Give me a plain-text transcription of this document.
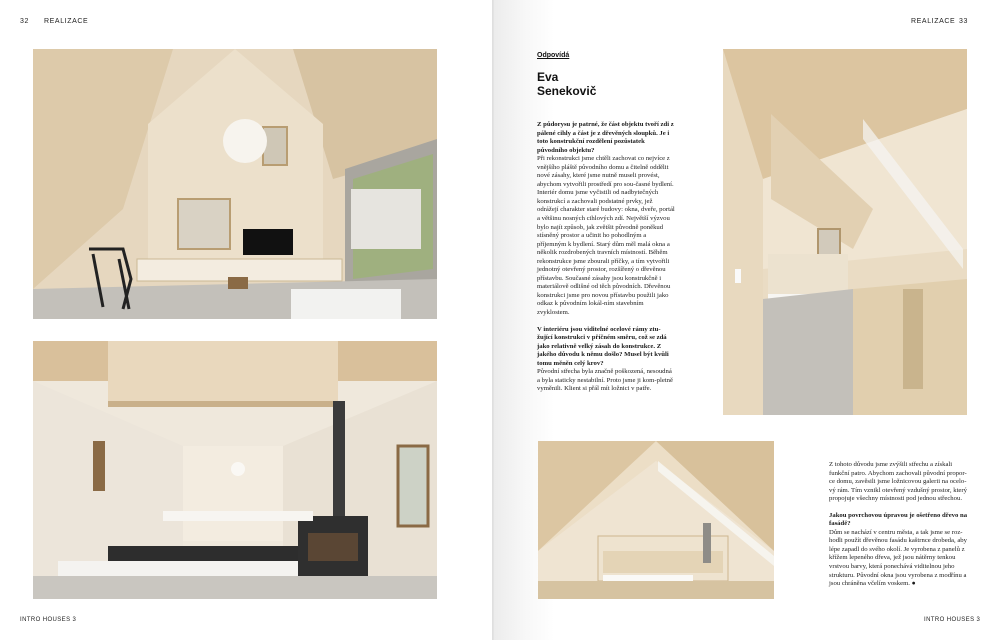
32 REALIZACE
INTRO HOUSES 3
REALIZACE 33
INTRO HOUSES 3
Odpovídá
Eva
Senekovič

Z půdorysu je patrné, že část objektu tvoří zdi z pálené cihly a část je z dřevěných sloupků. Je i toto konstrukční rozdělení pozůstatek původního objektu?
Při rekonstrukci jsme chtěli zachovat co nejvíce z vnějšího pláště původního domu a čitelně oddělit nové zásahy, které jsme nutně museli provést, abychom vytvořili prostředí pro sou-časné bydlení. Interiér domu jsme vyčistili od nadbytečných konstrukcí a zachovali podstatné prvky, jež odrážejí charakter staré budovy: okna, dveře, portál a většinu nosných cihlových zdí. Největší výzvou bylo najít způsob, jak zvětšit původně poněkud stísněný prostor a učinit ho pohodlným a příjemným k bydlení. Starý dům měl malá okna a několik rozdrobených travních místností. Běhěm rekonstrukce jsme zbourali příčky, a tím vytvořili jednotný otevřený prostor, rozšířený o dřevěnou přístavbu. Současné zásahy jsou konstrukčně i materiálově odlišné od těch původních. Dřevěnou konstrukci jsme pro novou přístavbu použili jako odkaz k původním lokál-ním stavebním zvyklostem.

V interiéru jsou viditelné ocelové rámy ztu-žující konstrukci v příčném směru, což se zdá jako relativně velký zásah do konstrukce. Z jakého důvodu k němu došlo? Musel být kvůli tomu měněn celý krov?
Původní střecha byla značně poškozená, nesoudná a byla staticky nestabilní. Proto jsme ji kom-pletně vyměnili. Klient si přál mít ložnici v patře.

Z tohoto důvodu jsme zvýšili střechu a získali funkční patro. Abychom zachovali původní propor-ce domu, zavěsili jsme ložnicovou galerii na ocelo-vý rám. Tím vznikl otevřený vzdušný prostor, který propojuje všechny místnosti pod jednou střechou.

Jakou povrchovou úpravou je ošetřeno dřevo na fasádě?
Dům se nachází v centru města, a tak jsme se roz-hodli použít dřevěnou fasádu kaštrnce drobeda, aby lépe zapadl do svého okolí. Je vyrobena z panelů z křížem lepeného dřeva, jež jsou nátěrny tenkou vrstvou barvy, která ponechává viditelnou jeho strukturu. Původní okna jsou vyrobena z modřínu a jsou chráněna včelím voskem. ●
